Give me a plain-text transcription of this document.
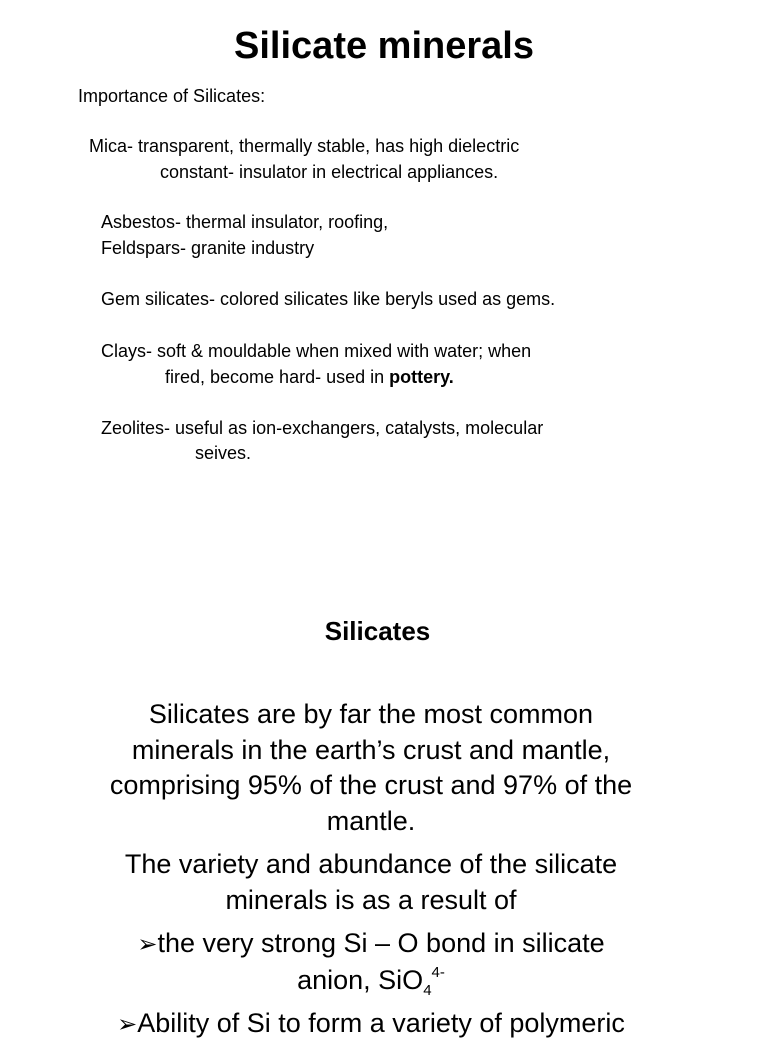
Silicate minerals
Importance of Silicates:
Mica- transparent, thermally stable, has high dielectric
constant- insulator in electrical appliances.
Asbestos- thermal insulator, roofing,
Feldspars- granite industry
Gem silicates- colored silicates like beryls used as gems.
Clays- soft & mouldable when mixed with water; when
fired, become hard- used in pottery.
Zeolites- useful as ion-exchangers, catalysts, molecular
seives.
Silicates
Silicates are by far the most common
minerals in the earth’s crust and mantle,
comprising 95% of the crust and 97% of the
mantle.
The variety and abundance of the silicate
minerals is as a result of
➢the very strong Si – O bond in silicate
anion, SiO$_4^{4-}$
➢Ability of Si to form a variety of polymeric
